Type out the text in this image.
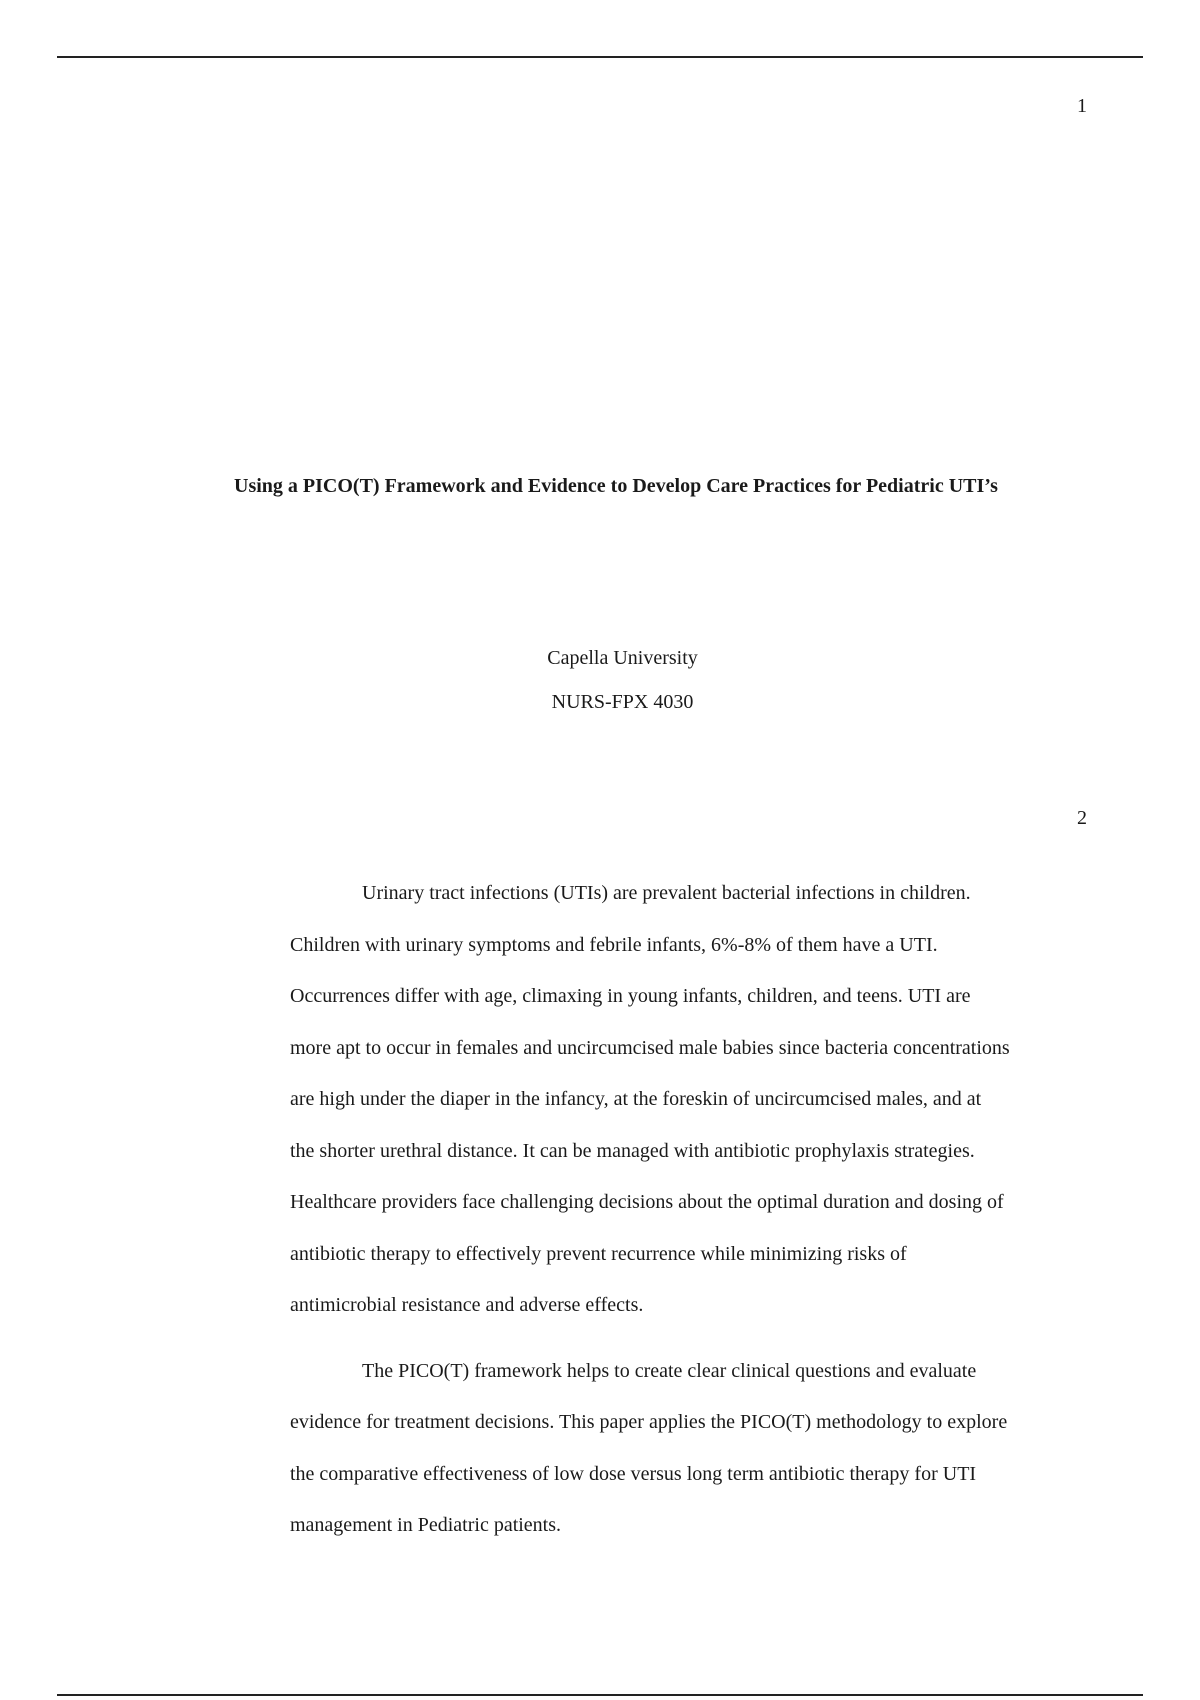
1
Using a PICO(T) Framework and Evidence to Develop Care Practices for Pediatric UTI’s
Capella University
NURS-FPX 4030
2

Urinary tract infections (UTIs) are prevalent bacterial infections in children.
Children with urinary symptoms and febrile infants, 6%-8% of them have a UTI.
Occurrences differ with age, climaxing in young infants, children, and teens. UTI are
more apt to occur in females and uncircumcised male babies since bacteria concentrations
are high under the diaper in the infancy, at the foreskin of uncircumcised males, and at
the shorter urethral distance. It can be managed with antibiotic prophylaxis strategies.
Healthcare providers face challenging decisions about the optimal duration and dosing of
antibiotic therapy to effectively prevent recurrence while minimizing risks of
antimicrobial resistance and adverse effects.

The PICO(T) framework helps to create clear clinical questions and evaluate
evidence for treatment decisions. This paper applies the PICO(T) methodology to explore
the comparative effectiveness of low dose versus long term antibiotic therapy for UTI
management in Pediatric patients.
